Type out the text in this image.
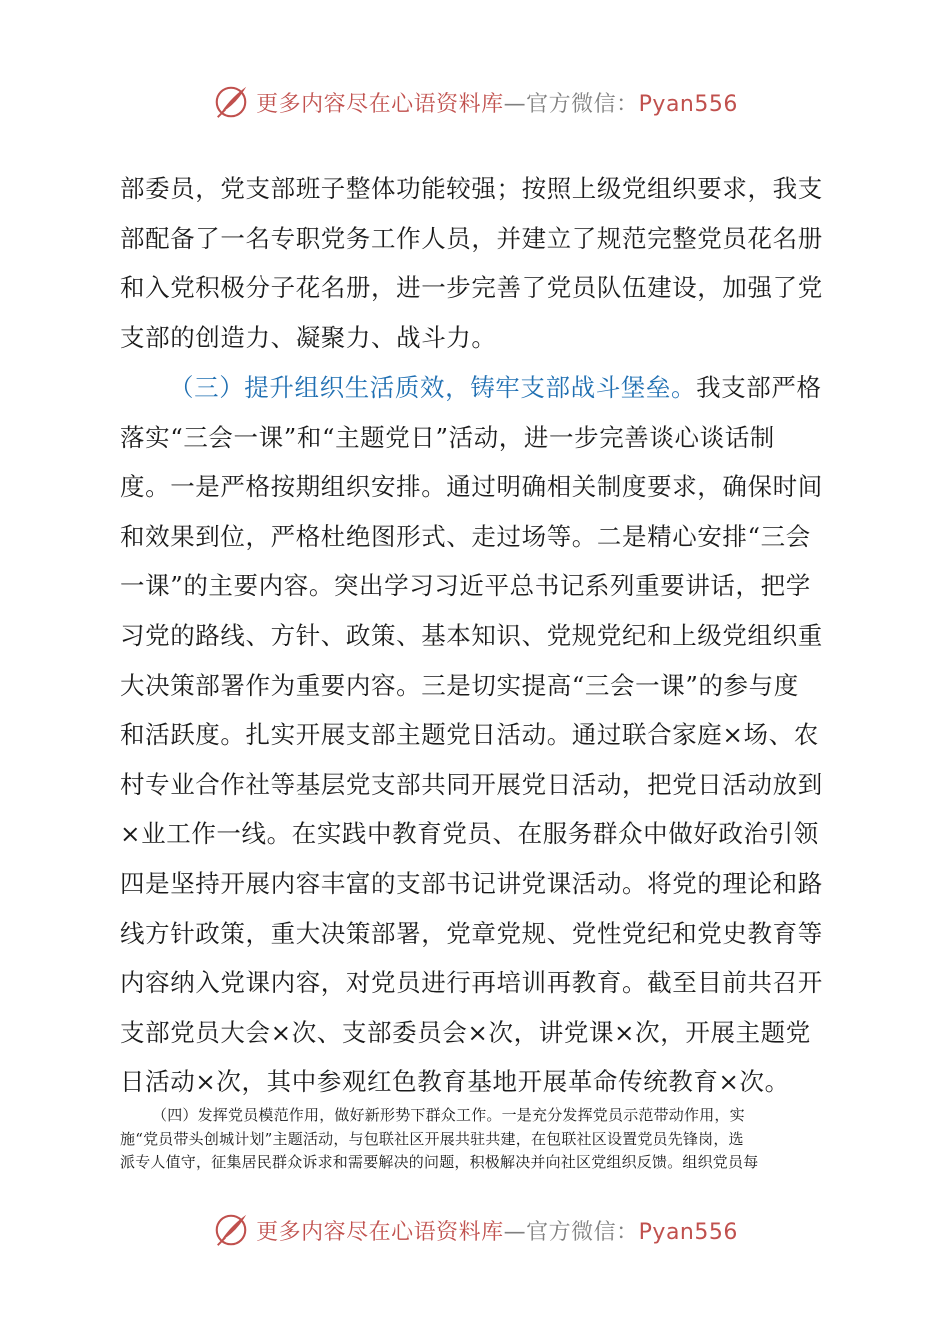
更多内容尽在心语资料库—官方微信：Pyan556
部委员，党支部班子整体功能较强；按照上级党组织要求，我支
部配备了一名专职党务工作人员，并建立了规范完整党员花名册
和入党积极分子花名册，进一步完善了党员队伍建设，加强了党
支部的创造力、凝聚力、战斗力。
（三）提升组织生活质效，铸牢支部战斗堡垒。我支部严格
落实“三会一课”和“主题党日”活动，进一步完善谈心谈话制
度。一是严格按期组织安排。通过明确相关制度要求，确保时间
和效果到位，严格杜绝图形式、走过场等。二是精心安排“三会
一课”的主要内容。突出学习习近平总书记系列重要讲话，把学
习党的路线、方针、政策、基本知识、党规党纪和上级党组织重
大决策部署作为重要内容。三是切实提高“三会一课”的参与度
和活跃度。扎实开展支部主题党日活动。通过联合家庭×场、农
村专业合作社等基层党支部共同开展党日活动，把党日活动放到
×业工作一线。在实践中教育党员、在服务群众中做好政治引领
四是坚持开展内容丰富的支部书记讲党课活动。将党的理论和路
线方针政策，重大决策部署，党章党规、党性党纪和党史教育等
内容纳入党课内容，对党员进行再培训再教育。截至目前共召开
支部党员大会×次、支部委员会×次，讲党课×次，开展主题党
日活动×次，其中参观红色教育基地开展革命传统教育×次。
（四）发挥党员模范作用，做好新形势下群众工作。一是充分发挥党员示范带动作用，实
施“党员带头创城计划”主题活动，与包联社区开展共驻共建，在包联社区设置党员先锋岗，选
派专人值守，征集居民群众诉求和需要解决的问题，积极解决并向社区党组织反馈。组织党员每
更多内容尽在心语资料库—官方微信：Pyan556
